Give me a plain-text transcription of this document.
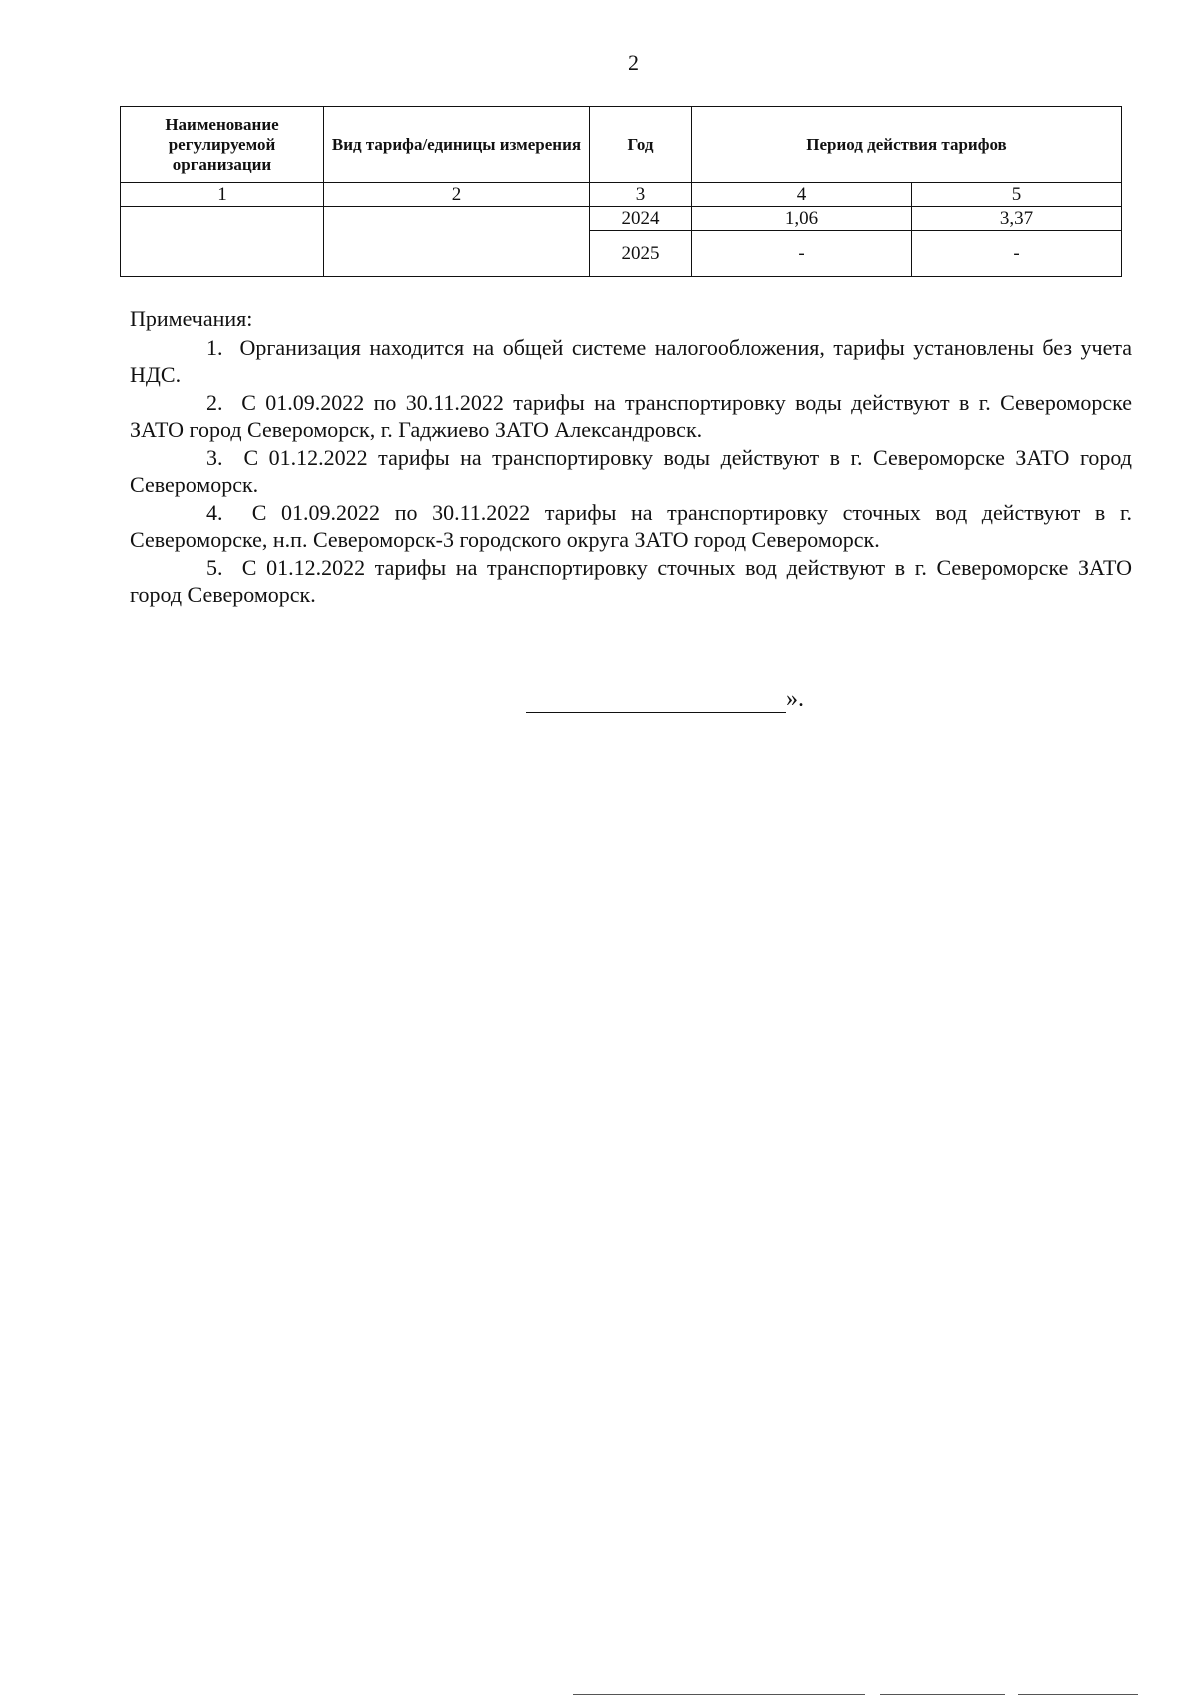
2
Наименование регулируемой организации	Вид тарифа/единицы измерения	Год	Период действия тарифов	
1	2	3	4	5
		2024	1,06	3,37
		2025	-	-

Примечания:

1.  Организация находится на общей системе налогообложения, тарифы установлены без учета НДС.

2.  С 01.09.2022 по 30.11.2022 тарифы на транспортировку воды действуют в г. Североморске ЗАТО город Североморск, г. Гаджиево ЗАТО Александровск.

3.  С 01.12.2022 тарифы на транспортировку воды действуют в г. Североморске ЗАТО город Североморск.

4.  С 01.09.2022 по 30.11.2022 тарифы на транспортировку сточных вод действуют в г. Североморске, н.п. Североморск-3 городского округа ЗАТО город Североморск.

5.  С 01.12.2022 тарифы на транспортировку сточных вод действуют в г. Североморске ЗАТО город Североморск.

».
